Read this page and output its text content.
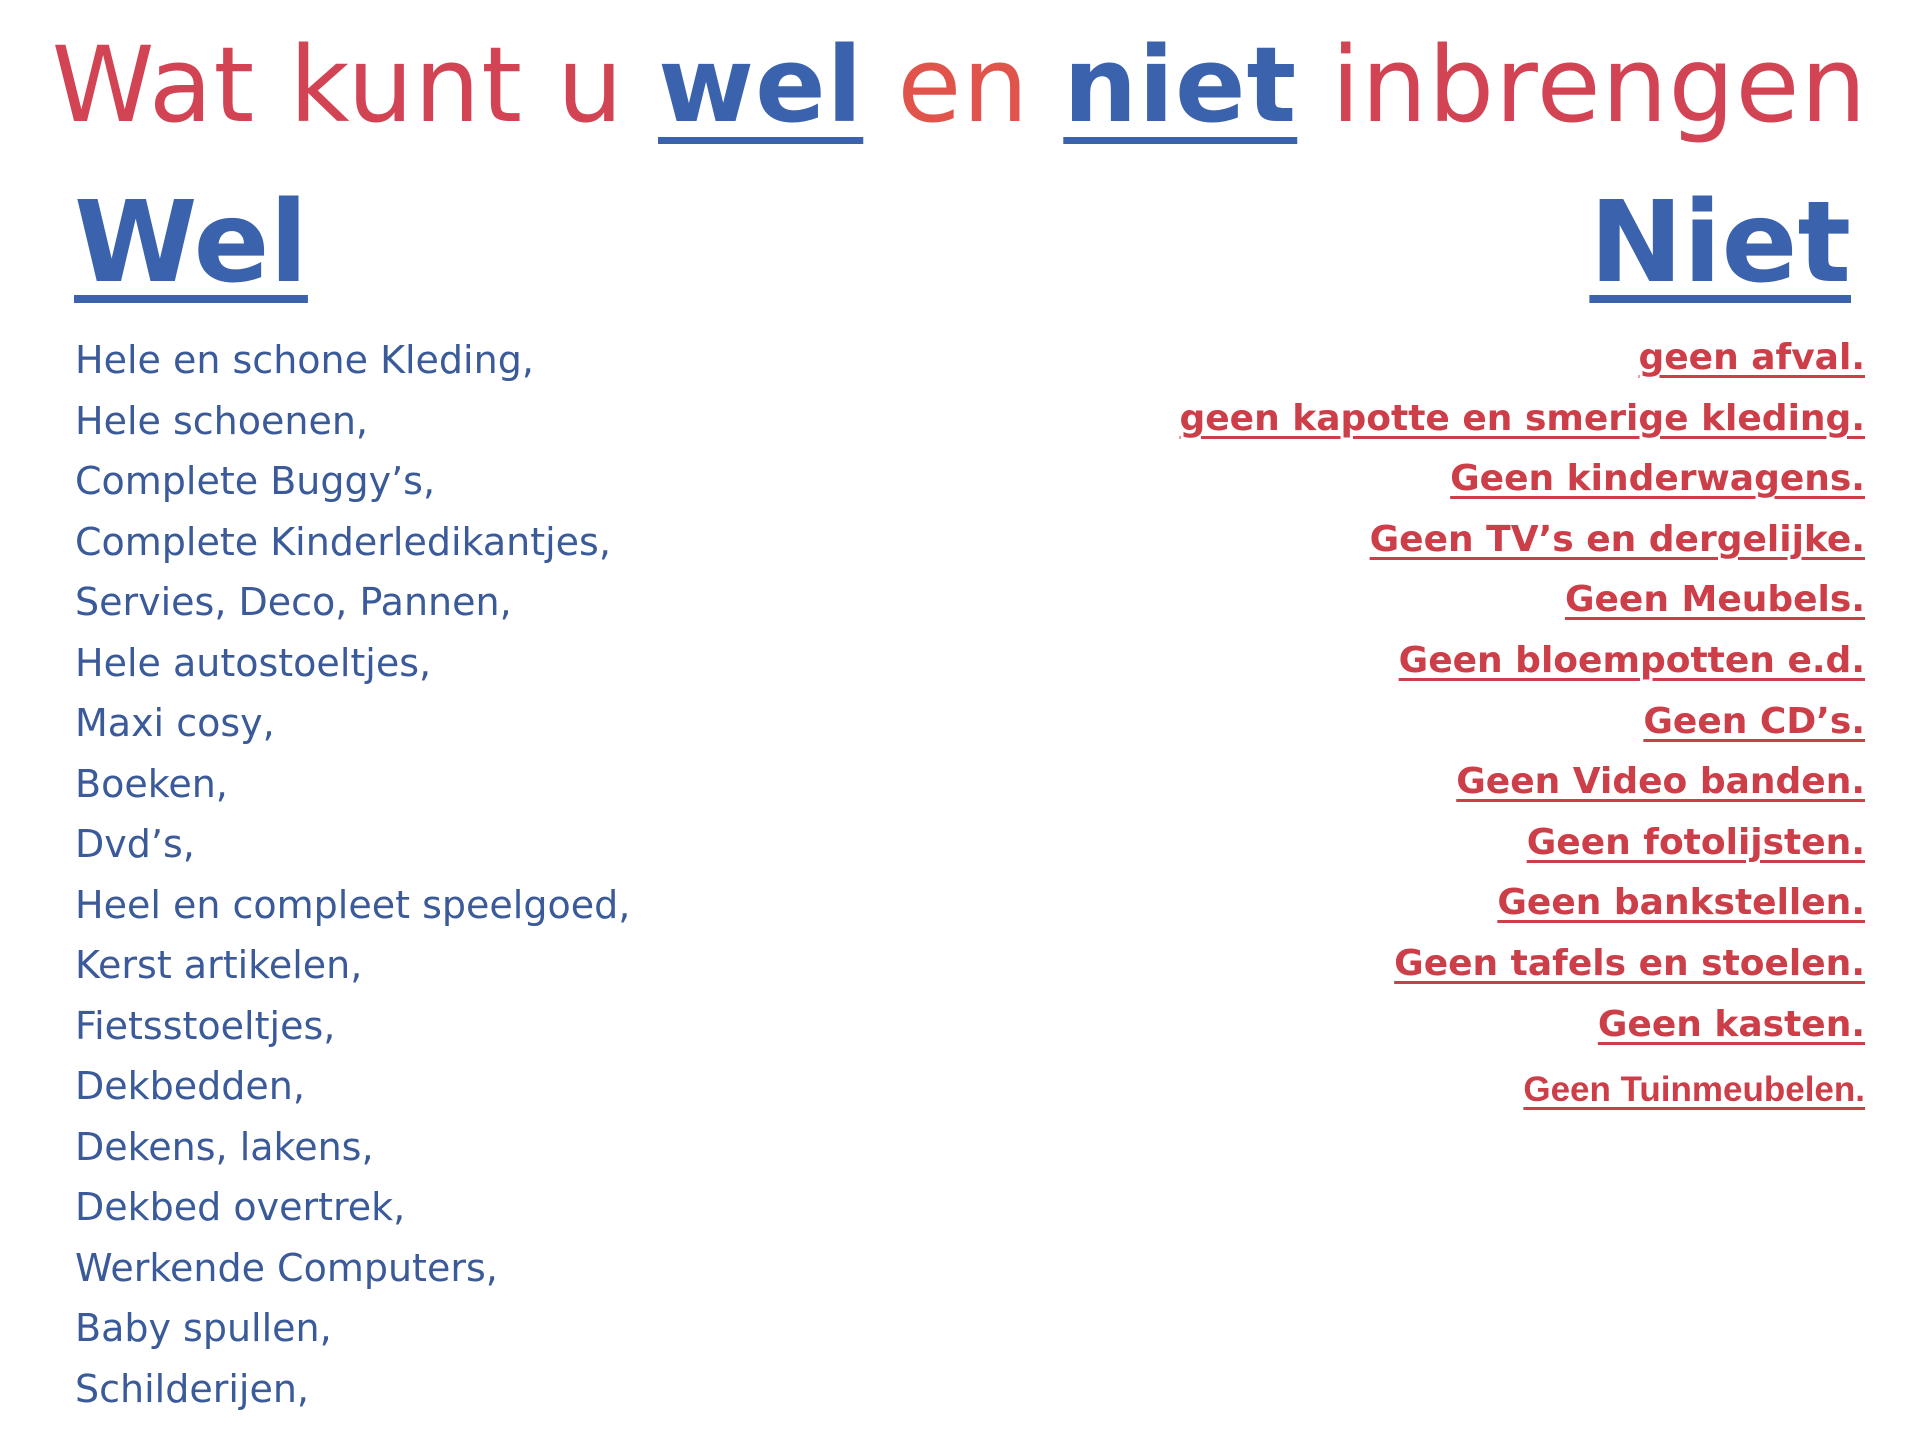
Wat kunt u wel en niet inbrengen
Wel	Niet
Hele en schone Kleding,
Hele schoenen,
Complete Buggy’s,
Complete Kinderledikantjes,
Servies, Deco, Pannen,
Hele autostoeltjes,
Maxi cosy,
Boeken,
Dvd’s,
Heel en compleet speelgoed,
Kerst artikelen,
Fietsstoeltjes,
Dekbedden,
Dekens, lakens,
Dekbed overtrek,
Werkende Computers,
Baby spullen,
Schilderijen,
geen afval.
geen kapotte en smerige kleding.
Geen kinderwagens.
Geen TV’s en dergelijke.
Geen Meubels.
Geen bloempotten e.d.
Geen CD’s.
Geen Video banden.
Geen fotolijsten.
Geen bankstellen.
Geen tafels en stoelen.
Geen kasten.
Geen Tuinmeubelen.
